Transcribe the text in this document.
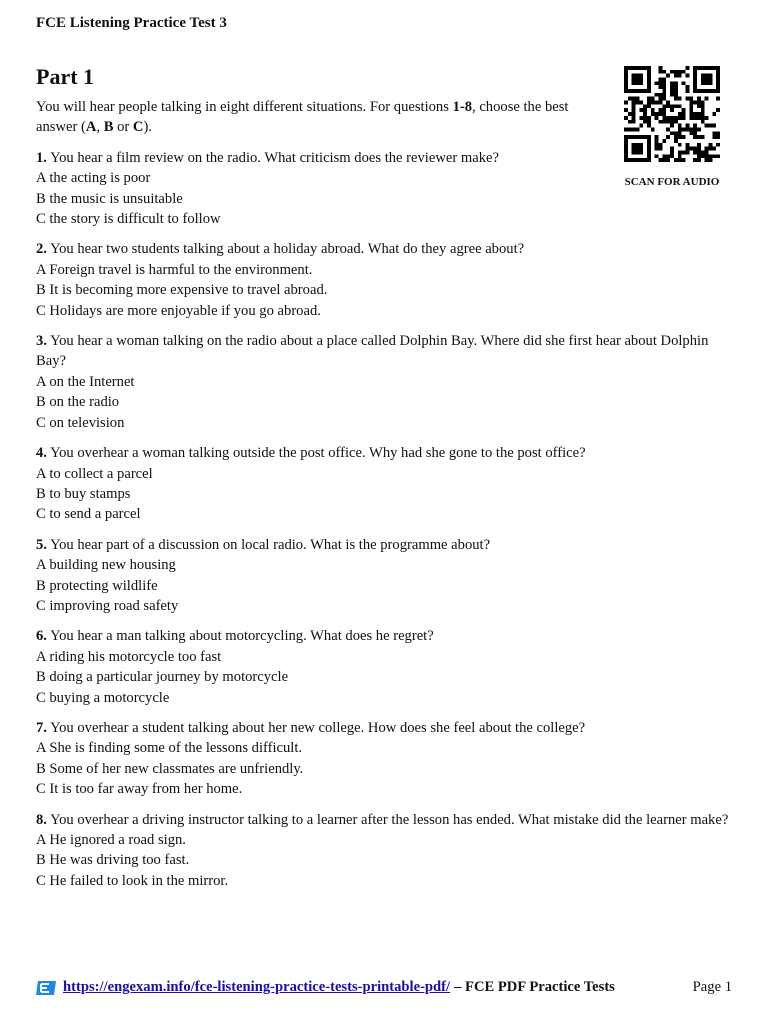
FCE Listening Practice Test 3
Part 1
SCAN FOR AUDIO

You will hear people talking in eight different situations. For questions 1-8, choose the best answer (A, B or C).

1. You hear a film review on the radio. What criticism does the reviewer make?

A the acting is poor

B the music is unsuitable

C the story is difficult to follow

2. You hear two students talking about a holiday abroad. What do they agree about?

A Foreign travel is harmful to the environment.

B It is becoming more expensive to travel abroad.

C Holidays are more enjoyable if you go abroad.

3. You hear a woman talking on the radio about a place called Dolphin Bay. Where did she first hear about Dolphin Bay?

A on the Internet

B on the radio

C on television

4. You overhear a woman talking outside the post office. Why had she gone to the post office?

A to collect a parcel

B to buy stamps

C to send a parcel

5. You hear part of a discussion on local radio. What is the programme about?

A building new housing

B protecting wildlife

C improving road safety

6. You hear a man talking about motorcycling. What does he regret?

A riding his motorcycle too fast

B doing a particular journey by motorcycle

C buying a motorcycle

7. You overhear a student talking about her new college. How does she feel about the college?

A She is finding some of the lessons difficult.

B Some of her new classmates are unfriendly.

C It is too far away from her home.

8. You overhear a driving instructor talking to a learner after the lesson has ended. What mistake did the learner make?

A He ignored a road sign.

B He was driving too fast.

C He failed to look in the mirror.

https://engexam.info/fce-listening-practice-tests-printable-pdf/ – FCE PDF Practice Tests	Page 1
